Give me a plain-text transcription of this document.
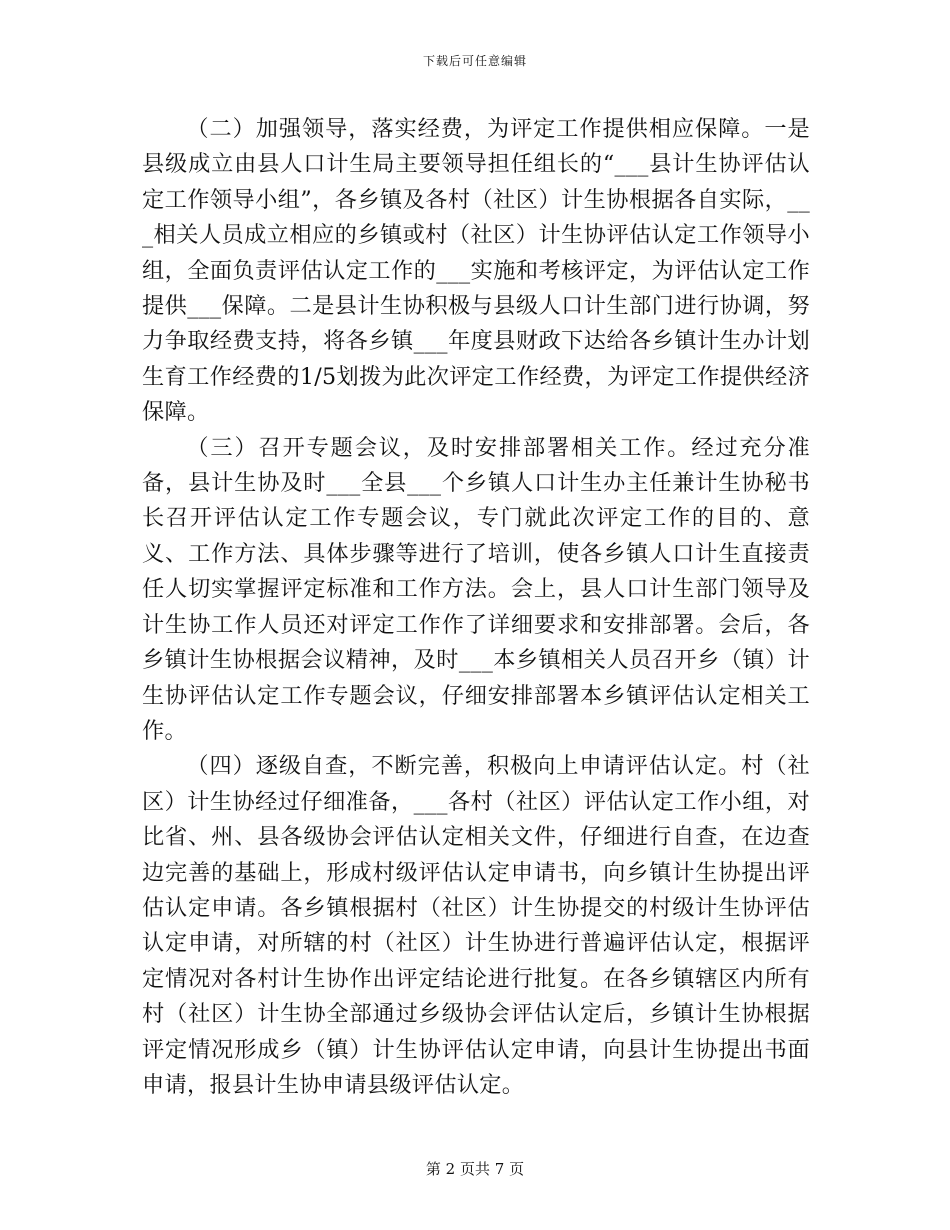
下载后可任意编辑

（二）加强领导，落实经费，为评定工作提供相应保障。一是县级成立由县人口计生局主要领导担任组长的“___县计生协评估认定工作领导小组”，各乡镇及各村（社区）计生协根据各自实际，___相关人员成立相应的乡镇或村（社区）计生协评估认定工作领导小组，全面负责评估认定工作的___实施和考核评定，为评估认定工作提供___保障。二是县计生协积极与县级人口计生部门进行协调，努力争取经费支持，将各乡镇___年度县财政下达给各乡镇计生办计划生育工作经费的1/5划拨为此次评定工作经费，为评定工作提供经济保障。

（三）召开专题会议，及时安排部署相关工作。经过充分准备，县计生协及时___全县___个乡镇人口计生办主任兼计生协秘书长召开评估认定工作专题会议，专门就此次评定工作的目的、意义、工作方法、具体步骤等进行了培训，使各乡镇人口计生直接责任人切实掌握评定标准和工作方法。会上，县人口计生部门领导及计生协工作人员还对评定工作作了详细要求和安排部署。会后，各乡镇计生协根据会议精神，及时___本乡镇相关人员召开乡（镇）计生协评估认定工作专题会议，仔细安排部署本乡镇评估认定相关工作。

（四）逐级自查，不断完善，积极向上申请评估认定。村（社区）计生协经过仔细准备，___各村（社区）评估认定工作小组，对比省、州、县各级协会评估认定相关文件，仔细进行自查，在边查边完善的基础上，形成村级评估认定申请书，向乡镇计生协提出评估认定申请。各乡镇根据村（社区）计生协提交的村级计生协评估认定申请，对所辖的村（社区）计生协进行普遍评估认定，根据评定情况对各村计生协作出评定结论进行批复。在各乡镇辖区内所有村（社区）计生协全部通过乡级协会评估认定后，乡镇计生协根据评定情况形成乡（镇）计生协评估认定申请，向县计生协提出书面申请，报县计生协申请县级评估认定。

第 2 页共 7 页
